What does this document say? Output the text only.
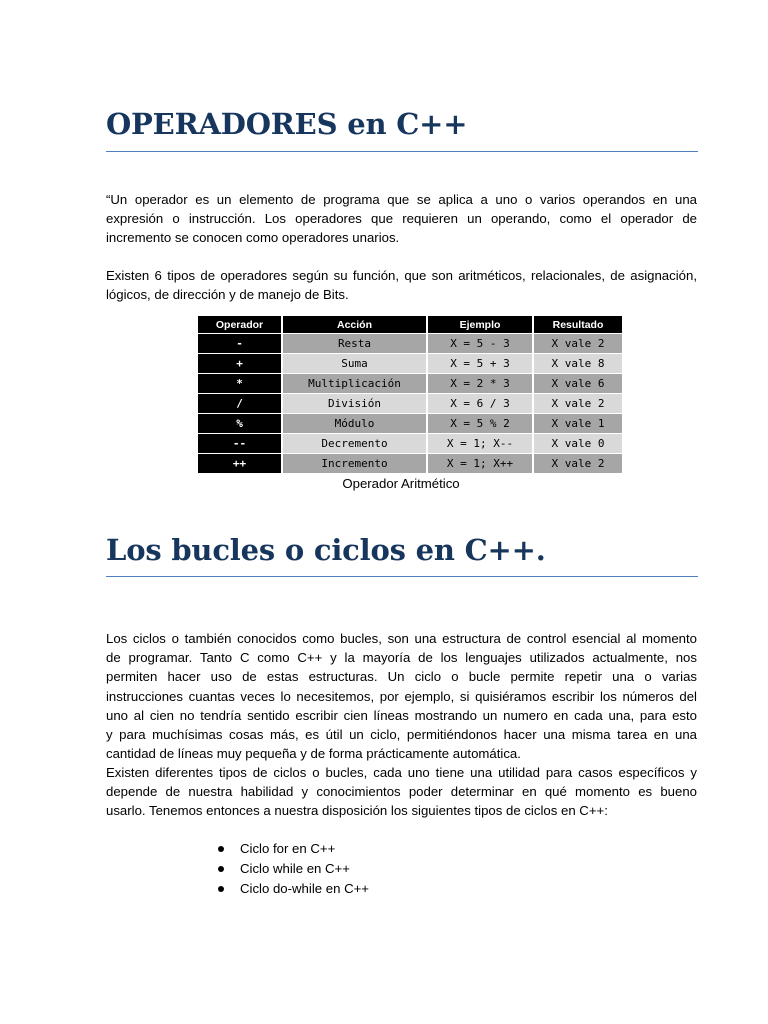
OPERADORES en C++

“Un operador es un elemento de programa que se aplica a uno o varios operandos en una
expresión o instrucción. Los operadores que requieren un operando, como el operador de
incremento se conocen como operadores unarios.

Existen 6 tipos de operadores según su función, que son aritméticos, relacionales, de asignación,
lógicos, de dirección y de manejo de Bits.

Operador	Acción	Ejemplo	Resultado
-	Resta	X = 5 - 3	X vale 2
+	Suma	X = 5 + 3	X vale 8
*	Multiplicación	X = 2 * 3	X vale 6
/	División	X = 6 / 3	X vale 2
%	Módulo	X = 5 % 2	X vale 1
--	Decremento	X = 1; X--	X vale 0
++	Incremento	X = 1; X++	X vale 2
Operador Aritmético
Los bucles o ciclos en C++.

Los ciclos o también conocidos como bucles, son una estructura de control esencial al momento
de programar. Tanto C como C++ y la mayoría de los lenguajes utilizados actualmente, nos
permiten hacer uso de estas estructuras. Un ciclo o bucle permite repetir una o varias
instrucciones cuantas veces lo necesitemos, por ejemplo, si quisiéramos escribir los números del
uno al cien no tendría sentido escribir cien líneas mostrando un numero en cada una, para esto
y para muchísimas cosas más, es útil un ciclo, permitiéndonos hacer una misma tarea en una
cantidad de líneas muy pequeña y de forma prácticamente automática.

Existen diferentes tipos de ciclos o bucles, cada uno tiene una utilidad para casos específicos y
depende de nuestra habilidad y conocimientos poder determinar en qué momento es bueno
usarlo. Tenemos entonces a nuestra disposición los siguientes tipos de ciclos en C++:

Ciclo for en C++
Ciclo while en C++
Ciclo do-while en C++
